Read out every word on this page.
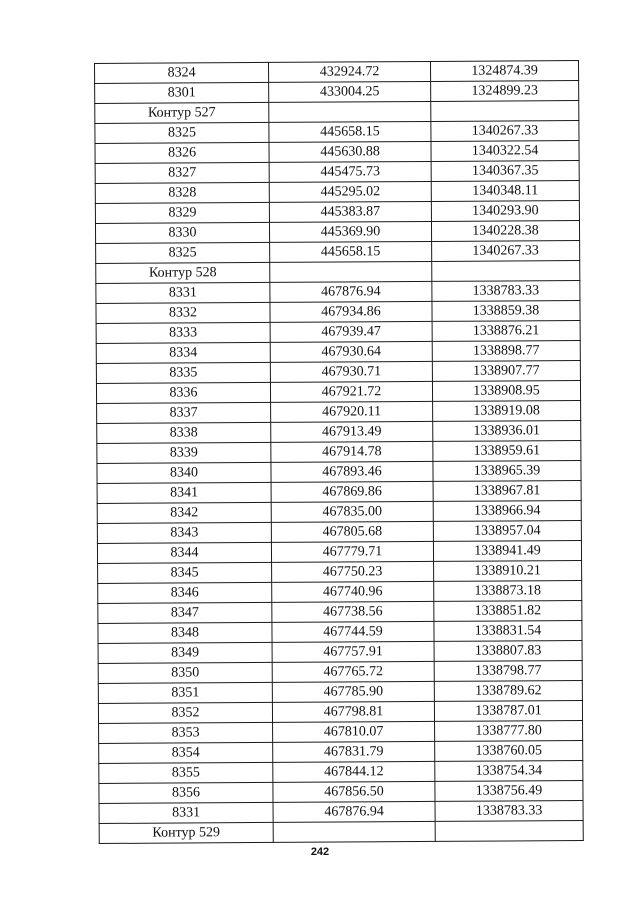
8324	432924.72	1324874.39
8301	433004.25	1324899.23
Контур 527		
8325	445658.15	1340267.33
8326	445630.88	1340322.54
8327	445475.73	1340367.35
8328	445295.02	1340348.11
8329	445383.87	1340293.90
8330	445369.90	1340228.38
8325	445658.15	1340267.33
Контур 528		
8331	467876.94	1338783.33
8332	467934.86	1338859.38
8333	467939.47	1338876.21
8334	467930.64	1338898.77
8335	467930.71	1338907.77
8336	467921.72	1338908.95
8337	467920.11	1338919.08
8338	467913.49	1338936.01
8339	467914.78	1338959.61
8340	467893.46	1338965.39
8341	467869.86	1338967.81
8342	467835.00	1338966.94
8343	467805.68	1338957.04
8344	467779.71	1338941.49
8345	467750.23	1338910.21
8346	467740.96	1338873.18
8347	467738.56	1338851.82
8348	467744.59	1338831.54
8349	467757.91	1338807.83
8350	467765.72	1338798.77
8351	467785.90	1338789.62
8352	467798.81	1338787.01
8353	467810.07	1338777.80
8354	467831.79	1338760.05
8355	467844.12	1338754.34
8356	467856.50	1338756.49
8331	467876.94	1338783.33
Контур 529		
242
